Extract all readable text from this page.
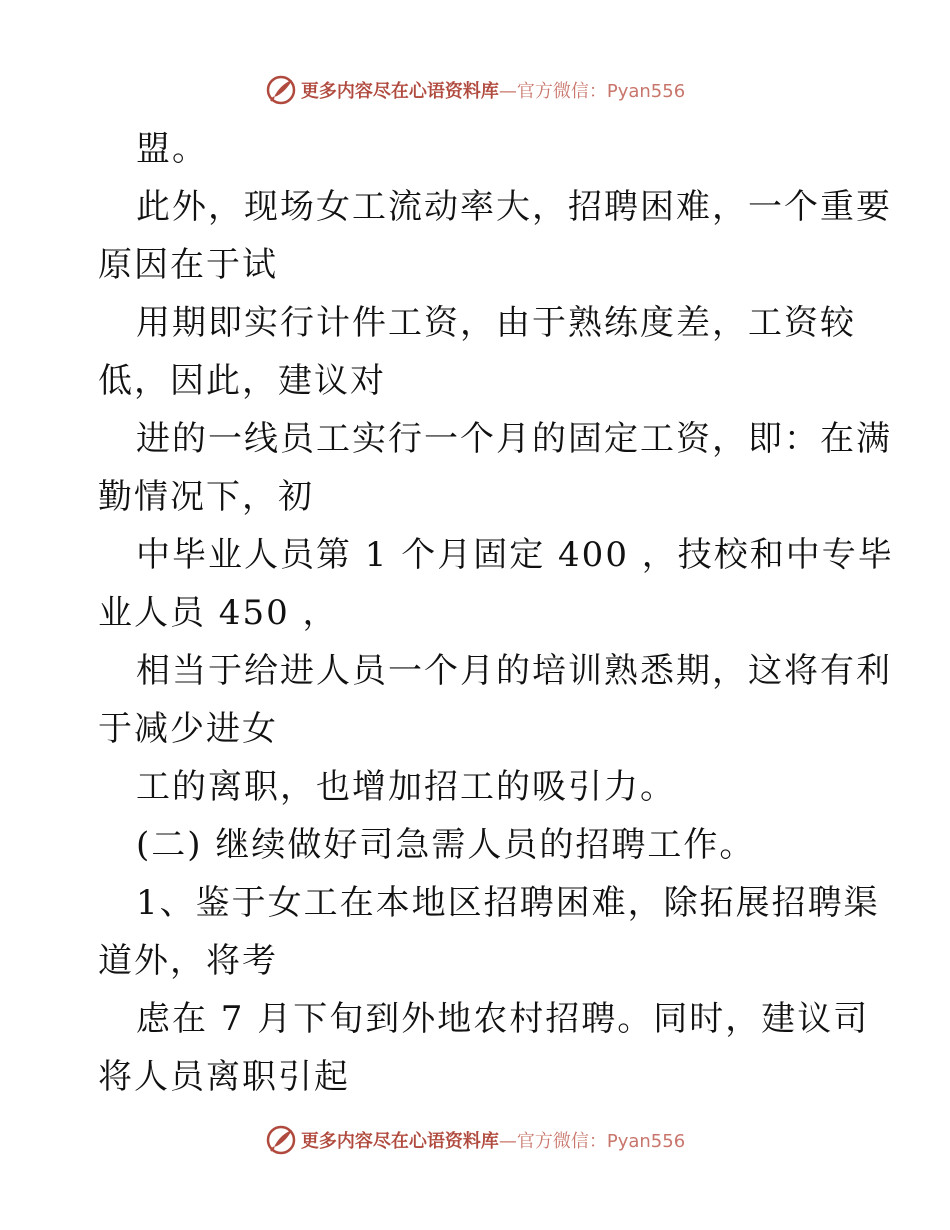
更多内容尽在心语资料库 —官方微信：Pyan556
盟。
此外，现场女工流动率大，招聘困难，一个重要
原因在于试
用期即实行计件工资，由于熟练度差，工资较
低，因此，建议对
进的一线员工实行一个月的固定工资，即：在满
勤情况下，初
中毕业人员第 1 个月固定 400 ，技校和中专毕
业人员 450 ，
相当于给进人员一个月的培训熟悉期，这将有利
于减少进女
工的离职，也增加招工的吸引力。
(二) 继续做好司急需人员的招聘工作。
1、鉴于女工在本地区招聘困难，除拓展招聘渠
道外，将考
虑在 7 月下旬到外地农村招聘。同时，建议司
将人员离职引起
更多内容尽在心语资料库 —官方微信：Pyan556
